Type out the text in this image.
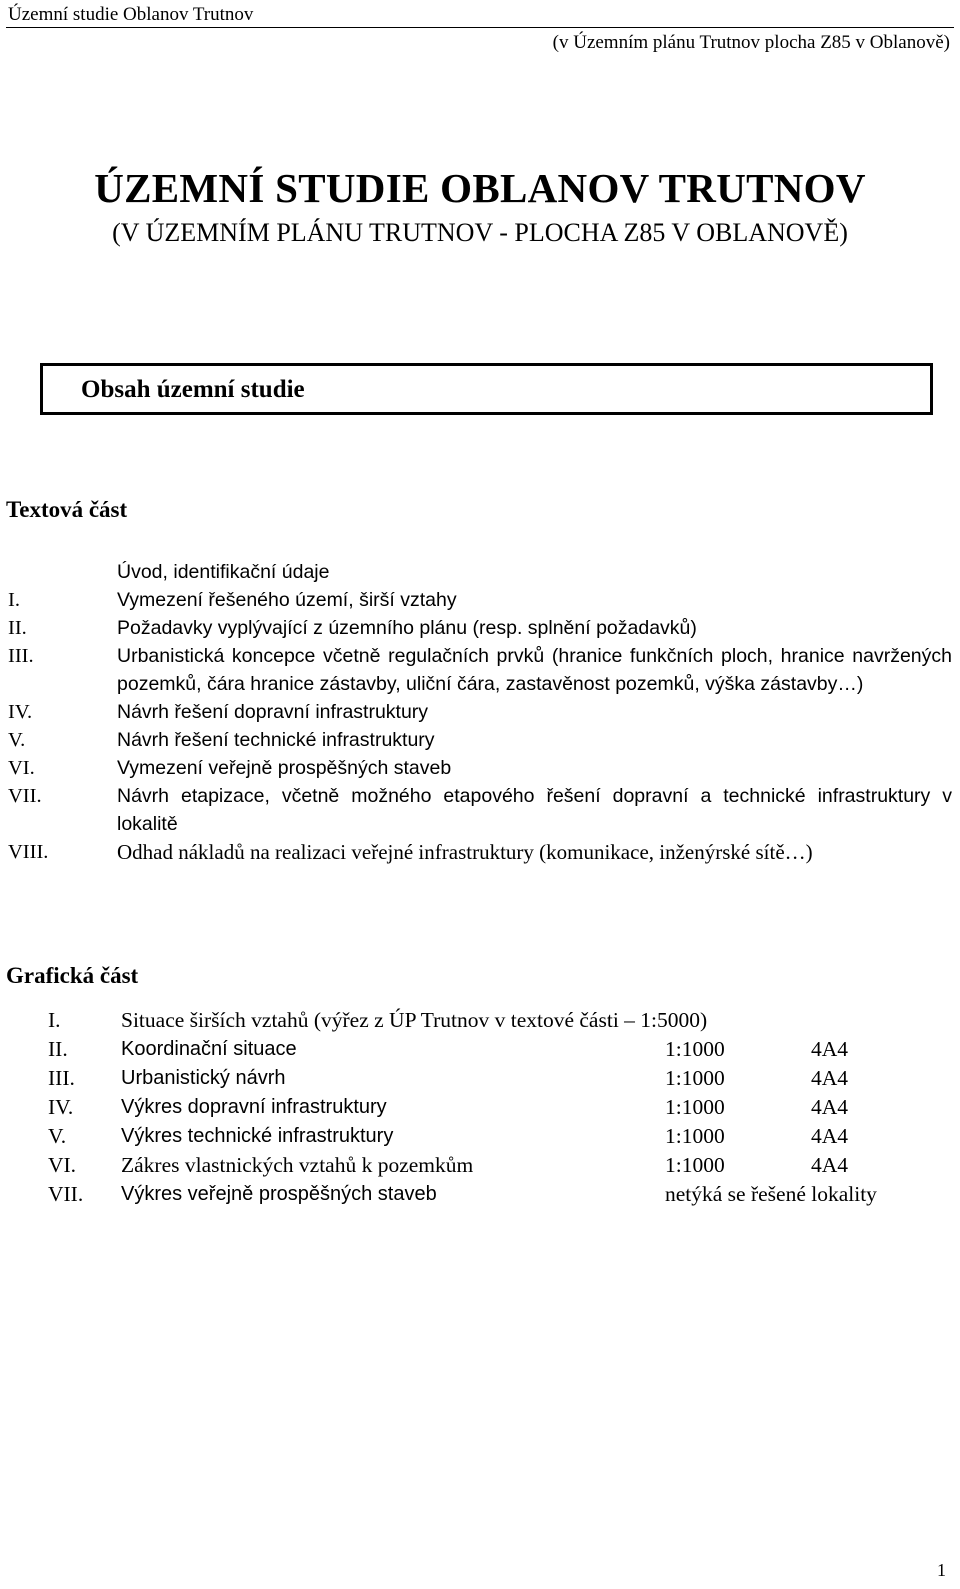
Územní studie Oblanov Trutnov
(v Územním plánu Trutnov plocha Z85 v Oblanově)
ÚZEMNÍ STUDIE OBLANOV TRUTNOV
(V ÚZEMNÍM PLÁNU TRUTNOV - PLOCHA Z85 V OBLANOVĚ)
Obsah územní studie
Textová část
Úvod, identifikační údaje
I.	Vymezení řešeného území, širší vztahy
II.	Požadavky vyplývající z územního plánu (resp. splnění požadavků)
III.	Urbanistická koncepce včetně regulačních prvků (hranice funkčních ploch, hranice navržených pozemků, čára hranice zástavby, uliční čára, zastavěnost pozemků, výška zástavby…)
IV.	Návrh řešení dopravní infrastruktury
V.	Návrh řešení technické infrastruktury
VI.	Vymezení veřejně prospěšných staveb
VII.	Návrh etapizace, včetně možného etapového řešení dopravní a technické infrastruktury v lokalitě
VIII.	Odhad nákladů na realizaci veřejné infrastruktury (komunikace, inženýrské sítě…)
Grafická část
I.	Situace širších vztahů (výřez z ÚP Trutnov v textové části – 1:5000)
II.	Koordinační situace	1:1000	4A4
III. Urbanistický návrh	1:1000	4A4
IV. Výkres dopravní infrastruktury	1:1000	4A4
V.	Výkres technické infrastruktury	1:1000	4A4
VI. Zákres vlastnických vztahů k pozemkům	1:1000	4A4
VII. Výkres veřejně prospěšných staveb	netýká se řešené lokality
1
